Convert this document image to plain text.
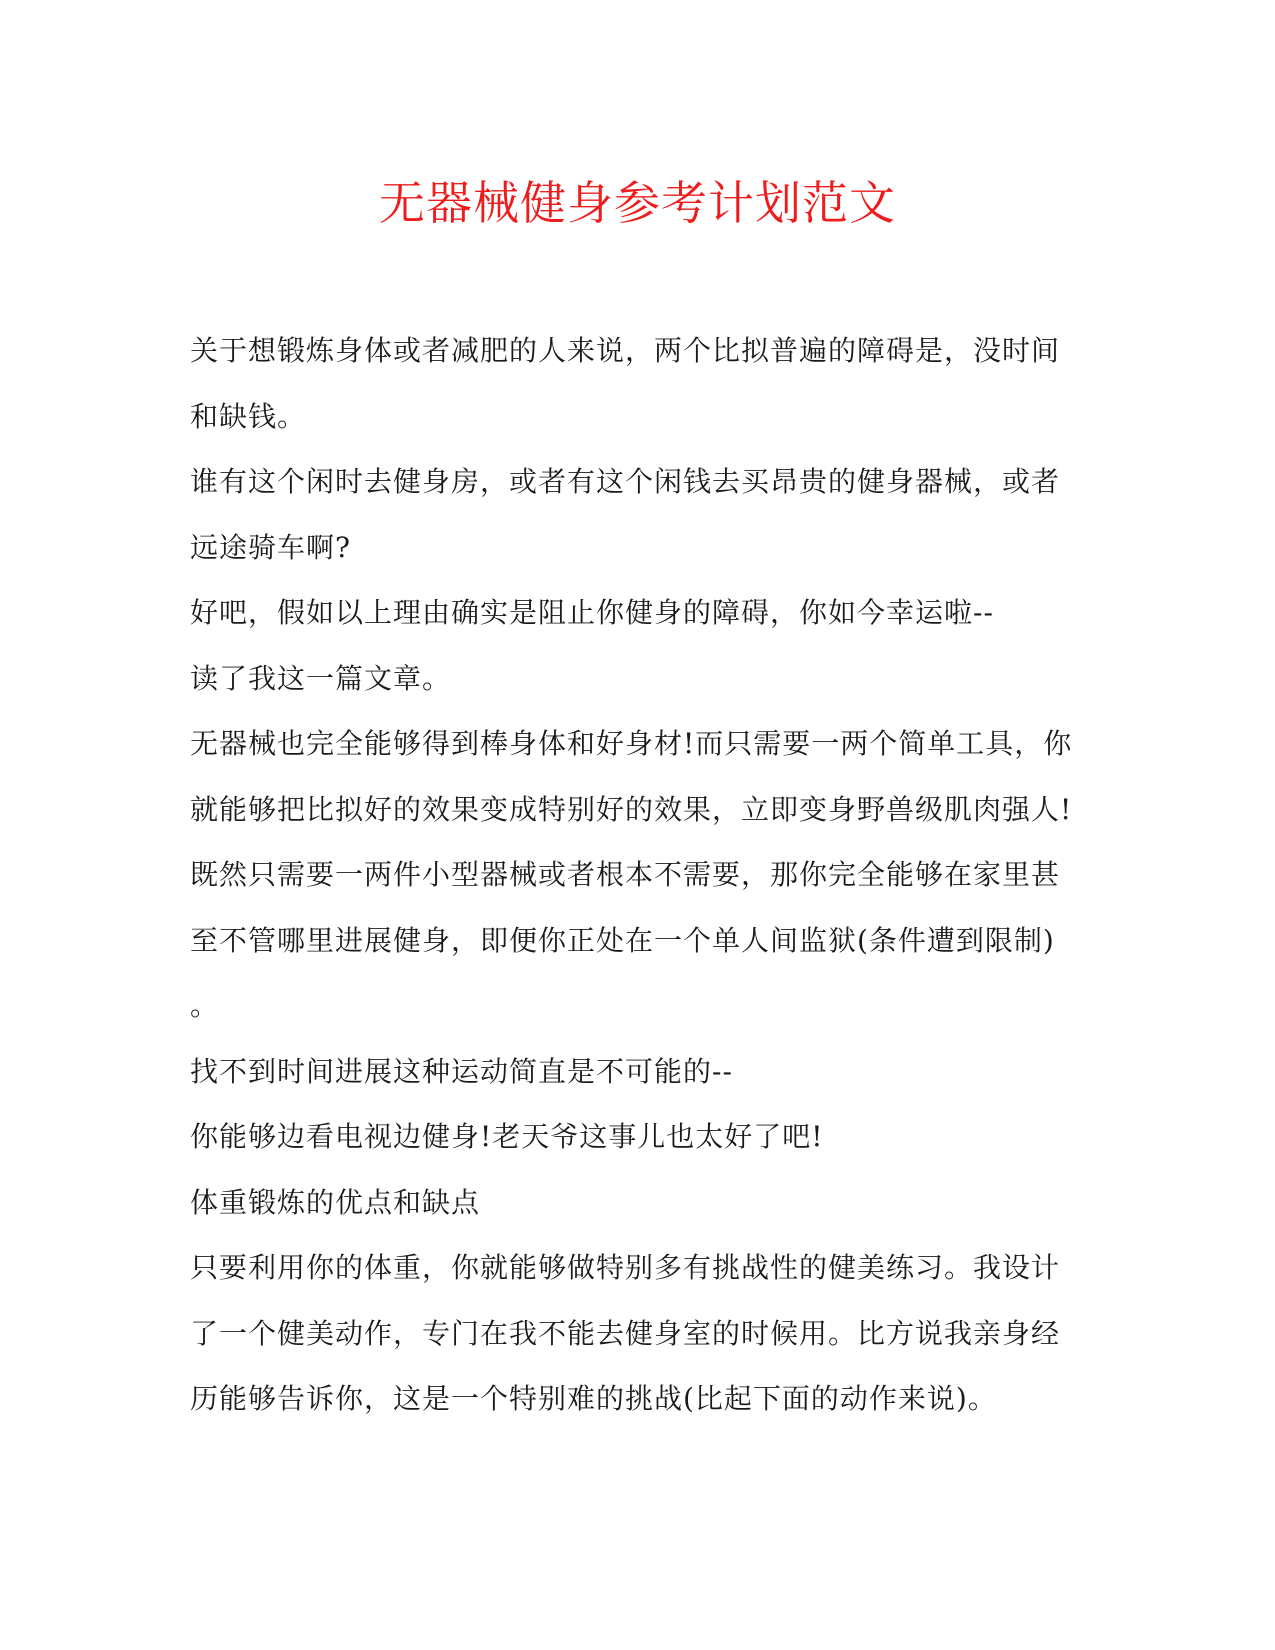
无器械健身参考计划范文
关于想锻炼身体或者减肥的人来说，两个比拟普遍的障碍是，没时间
和缺钱。
谁有这个闲时去健身房，或者有这个闲钱去买昂贵的健身器械，或者
远途骑车啊?
好吧，假如以上理由确实是阻止你健身的障碍，你如今幸运啦--
读了我这一篇文章。
无器械也完全能够得到棒身体和好身材!而只需要一两个简单工具，你
就能够把比拟好的效果变成特别好的效果，立即变身野兽级肌肉强人!
既然只需要一两件小型器械或者根本不需要，那你完全能够在家里甚
至不管哪里进展健身，即便你正处在一个单人间监狱(条件遭到限制)
。
找不到时间进展这种运动简直是不可能的--
你能够边看电视边健身!老天爷这事儿也太好了吧!
体重锻炼的优点和缺点
只要利用你的体重，你就能够做特别多有挑战性的健美练习。我设计
了一个健美动作，专门在我不能去健身室的时候用。比方说我亲身经
历能够告诉你，这是一个特别难的挑战(比起下面的动作来说)。
